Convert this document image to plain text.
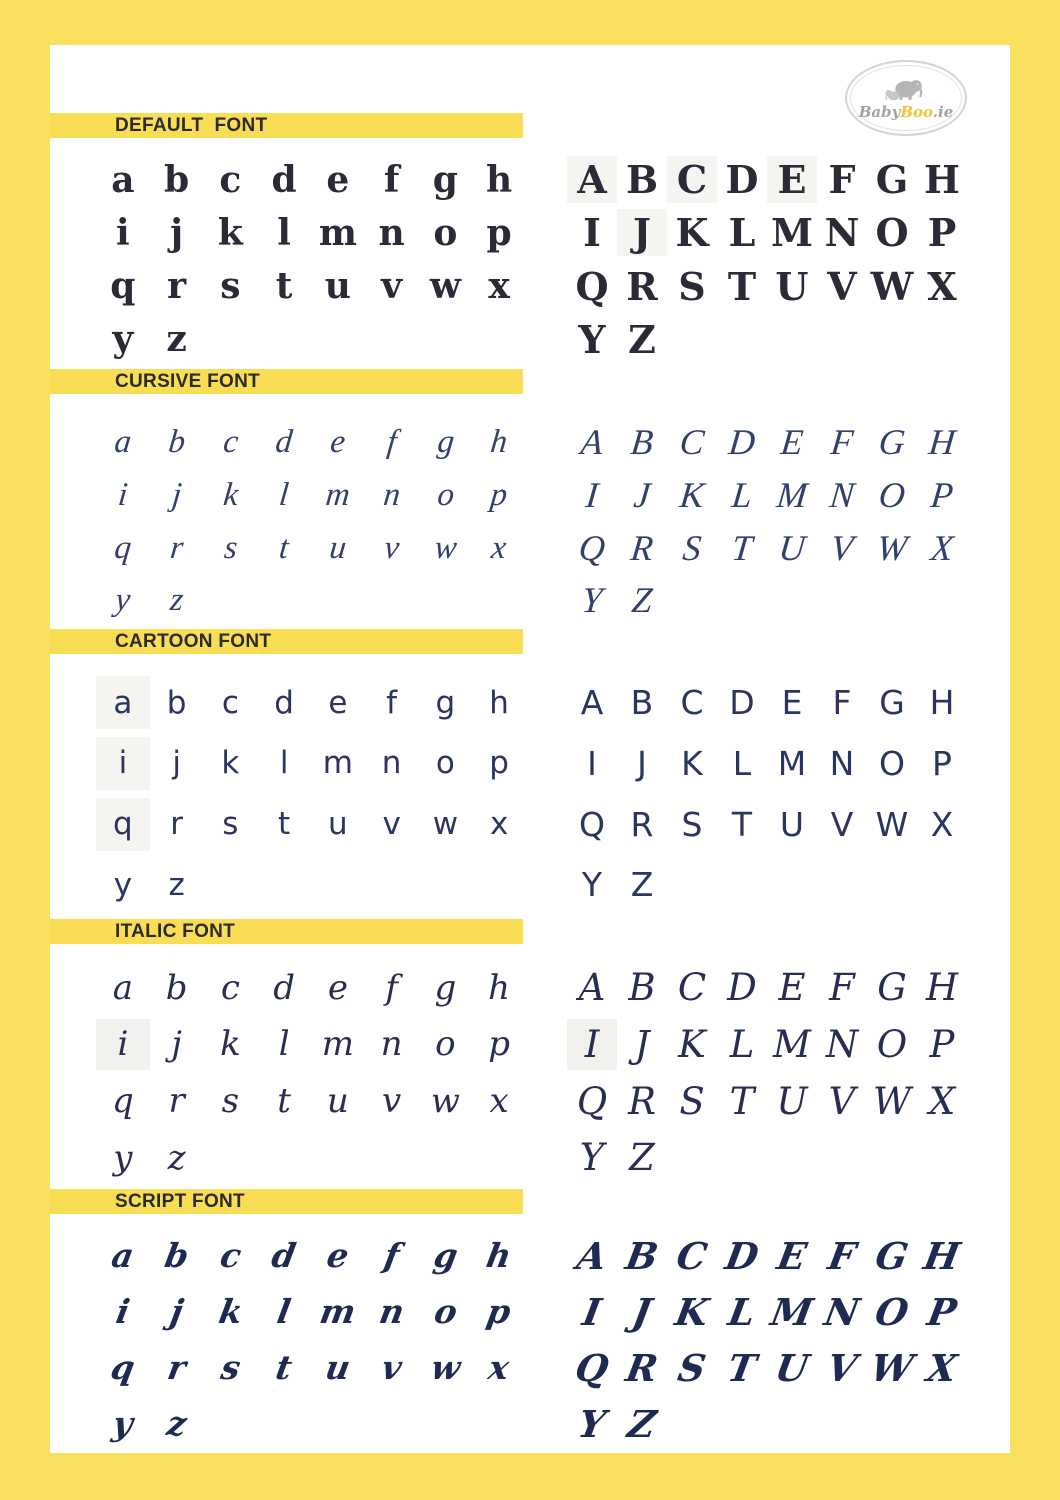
BabyBoo.ie
DEFAULT  FONT
a b c d e f g h
i	j k l m n o p
q r s t u v w x
y z
A B C D E F G H
I J K L M N O P
Q R S T U V W X
Y Z
CURSIVE FONT
a	b	c	d	e	f	g	h
i	j	k	l	m n	o	p
q	r	s	t	u	v w x
y	z
A B C D E F G H
I J K L M N O P
Q R S T U V W X
Y Z
CARTOON FONT
a	b	c	d	e	f	g	h
i	j	k	l	m n	o	p
q	r	s	t	u	v	w	x
y	z
A B C D E F G H
I	J	K L M N O P
Q R S T U V W X
Y Z
ITALIC FONT
a b c d e	f	g h
i	j	k	l m n o p
q	r	s	t	u v w x
y	z
A B C D E F G H
I J K L M N O P
Q R S T U V W X
Y Z
SCRIPT FONT
a b c d e f g h
i	j k l m n o p
q r s t u v w x
y z
A B C D E F G H
I J K L M N O P
Q R S T U V W X
Y Z
